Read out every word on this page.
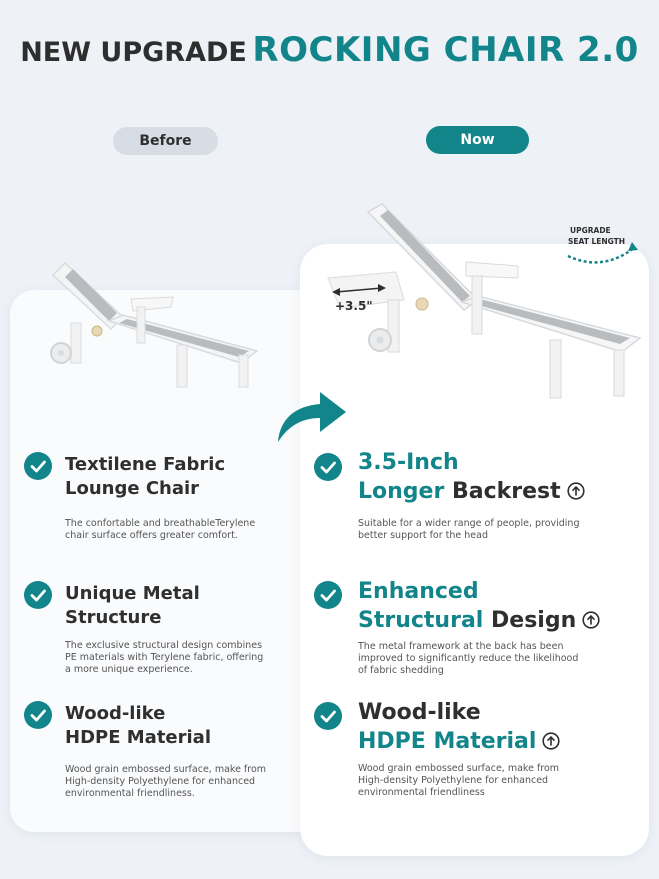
NEW UPGRADE ROCKING CHAIR 2.0
Before	Now
+3.5"
UPGRADE
SEAT LENGTH
Textilene Fabric
Lounge Chair
The confortable and breathableTerylene
chair surface offers greater comfort.
Unique Metal
Structure
The exclusive structural design combines
PE materials with Terylene fabric, offering
a more unique experience.
Wood-like
HDPE Material
Wood grain embossed surface, make from
High-density Polyethylene for enhanced
environmental friendliness.
3.5-Inch
Longer Backrest
Suitable for a wider range of people, providing
better support for the head
Enhanced
Structural Design
The metal framework at the back has been
improved to significantly reduce the likelihood
of fabric shedding
Wood-like
HDPE Material
Wood grain embossed surface, make from
High-density Polyethylene for enhanced
environmental friendliness
